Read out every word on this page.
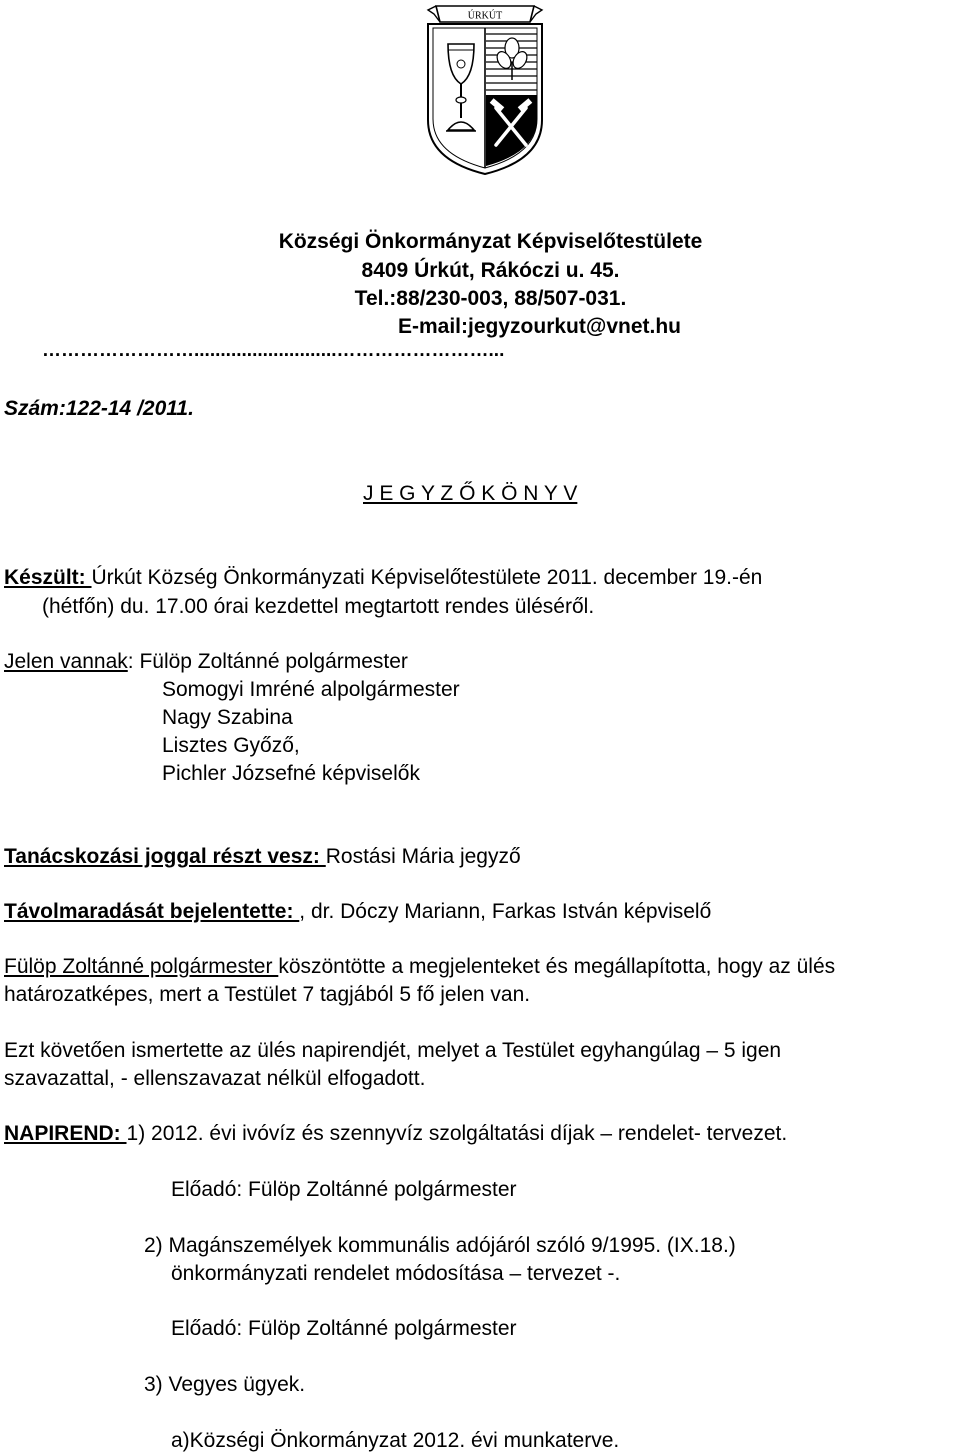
ÚRKÚT
Községi Önkormányzat Képviselőtestülete
8409 Úrkút, Rákóczi u. 45.
Tel.:88/230-003, 88/507-031.
E-mail:jegyzourkut@vnet.hu
……………………...........................……………………...
Szám:122-14 /2011.
J E G Y Z Ő K Ö N Y V
Készült: Úrkút Község Önkormányzati Képviselőtestülete 2011. december 19.-én
(hétfőn) du. 17.00 órai kezdettel megtartott rendes üléséről.
Jelen vannak: Fülöp Zoltánné polgármester
Somogyi Imréné alpolgármester
Nagy Szabina
Lisztes Győző,
Pichler Józsefné képviselők
Tanácskozási joggal részt vesz: Rostási Mária jegyző
Távolmaradását bejelentette: , dr. Dóczy Mariann, Farkas István képviselő
Fülöp Zoltánné polgármester köszöntötte a megjelenteket és megállapította, hogy az ülés
határozatképes, mert a Testület 7 tagjából 5 fő jelen van.
Ezt követően ismertette az ülés napirendjét, melyet a Testület egyhangúlag – 5 igen
szavazattal, - ellenszavazat nélkül elfogadott.
NAPIREND: 1) 2012. évi ivóvíz és szennyvíz szolgáltatási díjak – rendelet- tervezet.
Előadó: Fülöp Zoltánné polgármester
2) Magánszemélyek kommunális adójáról szóló 9/1995. (IX.18.)
önkormányzati rendelet módosítása – tervezet -.
Előadó: Fülöp Zoltánné polgármester
3) Vegyes ügyek.
a)Községi Önkormányzat 2012. évi munkaterve.
